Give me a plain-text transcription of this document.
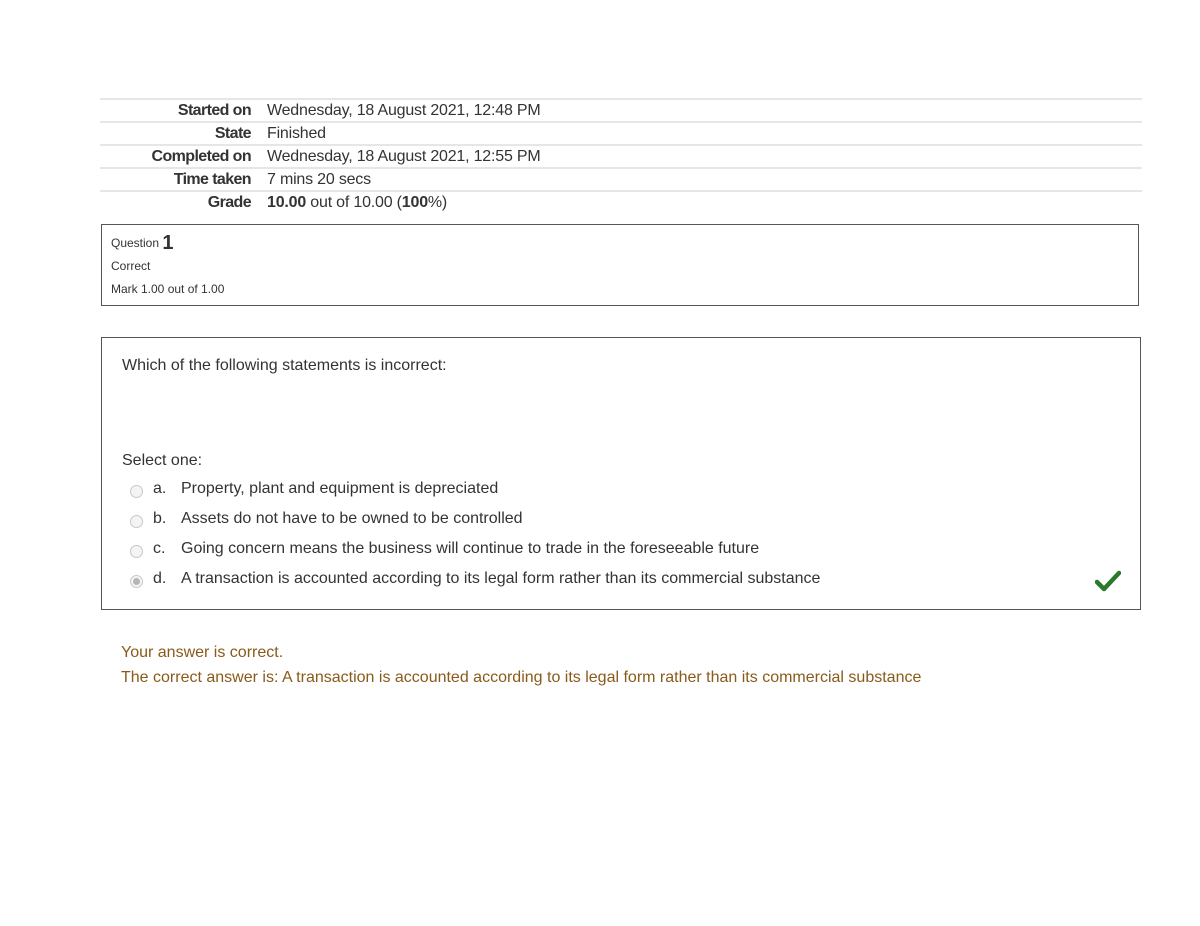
Started on	Wednesday, 18 August 2021, 12:48 PM
State	Finished
Completed on	Wednesday, 18 August 2021, 12:55 PM
Time taken	7 mins 20 secs
Grade	10.00 out of 10.00 (100%)
Question 1
Correct
Mark 1.00 out of 1.00
Which of the following statements is incorrect:
Select one:
a. Property, plant and equipment is depreciated
b. Assets do not have to be owned to be controlled
c. Going concern means the business will continue to trade in the foreseeable future
d. A transaction is accounted according to its legal form rather than its commercial substance
Your answer is correct.
The correct answer is: A transaction is accounted according to its legal form rather than its commercial substance
